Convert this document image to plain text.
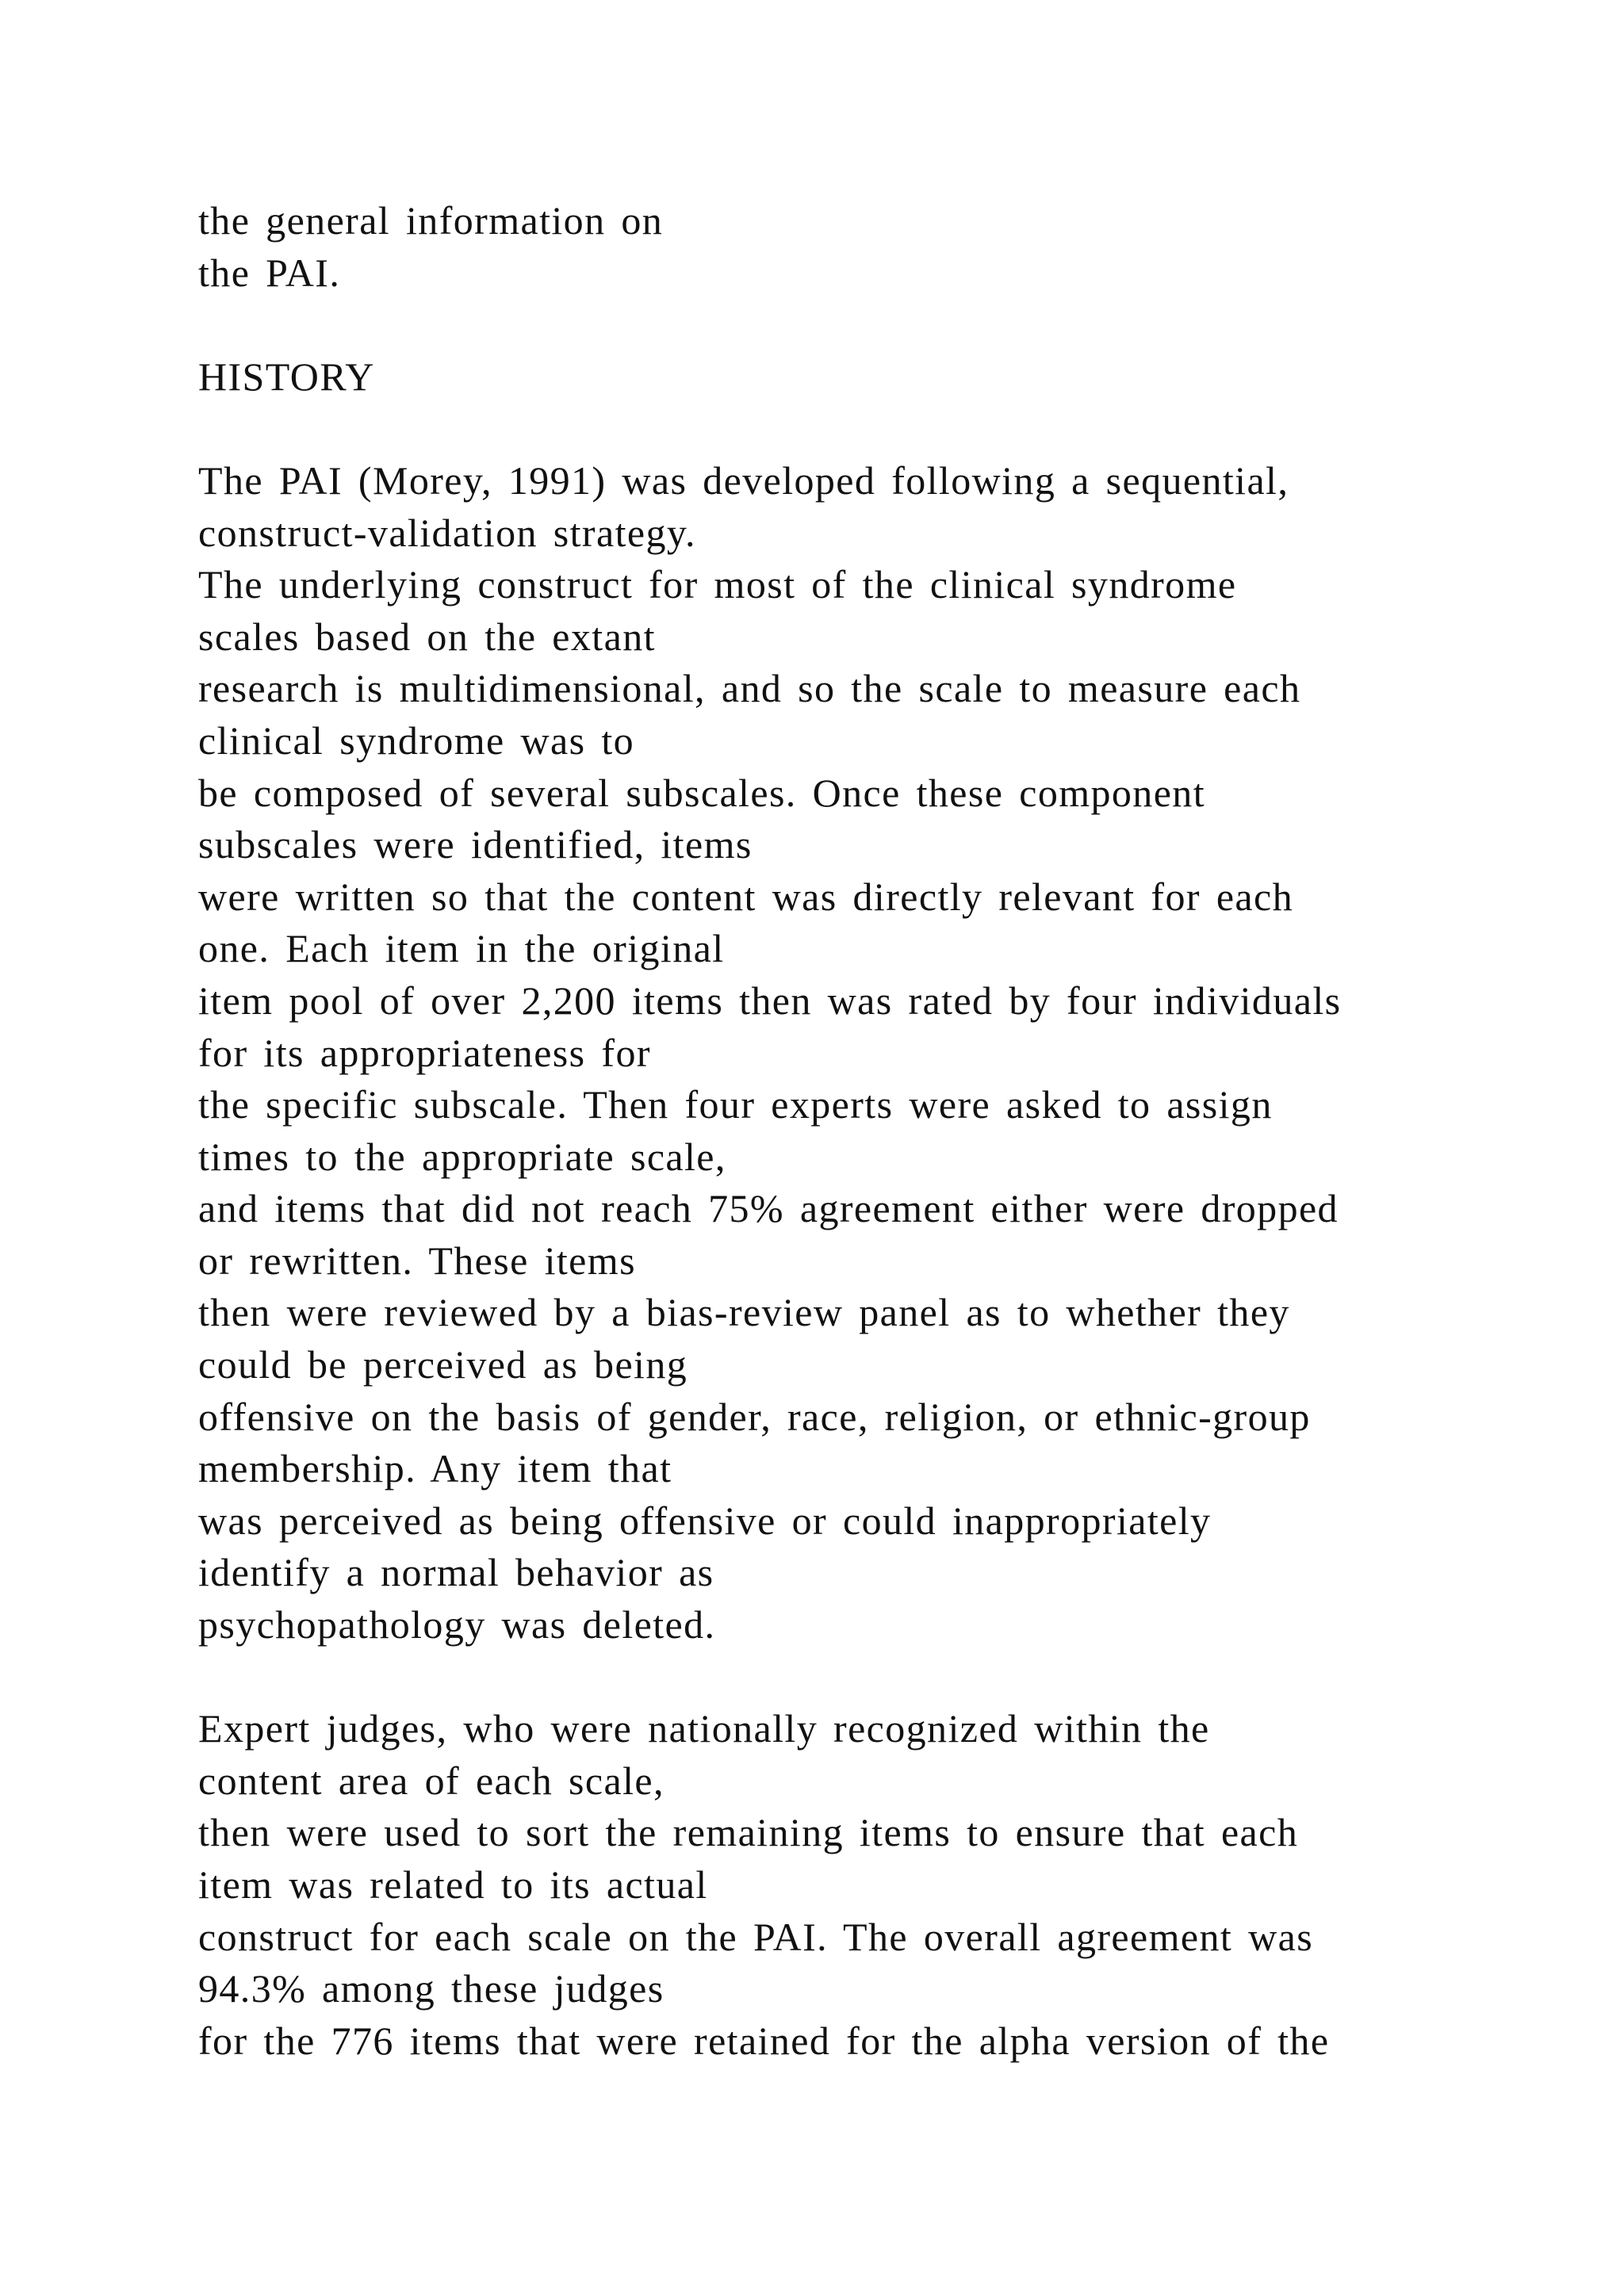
the general information on
the PAI.
HISTORY
The PAI (Morey, 1991) was developed following a sequential,
construct-validation strategy.
The underlying construct for most of the clinical syndrome
scales based on the extant
research is multidimensional, and so the scale to measure each
clinical syndrome was to
be composed of several subscales. Once these component
subscales were identified, items
were written so that the content was directly relevant for each
one. Each item in the original
item pool of over 2,200 items then was rated by four individuals
for its appropriateness for
the specific subscale. Then four experts were asked to assign
times to the appropriate scale,
and items that did not reach 75% agreement either were dropped
or rewritten. These items
then were reviewed by a bias-review panel as to whether they
could be perceived as being
offensive on the basis of gender, race, religion, or ethnic-group
membership. Any item that
was perceived as being offensive or could inappropriately
identify a normal behavior as
psychopathology was deleted.
Expert judges, who were nationally recognized within the
content area of each scale,
then were used to sort the remaining items to ensure that each
item was related to its actual
construct for each scale on the PAI. The overall agreement was
94.3% among these judges
for the 776 items that were retained for the alpha version of the
